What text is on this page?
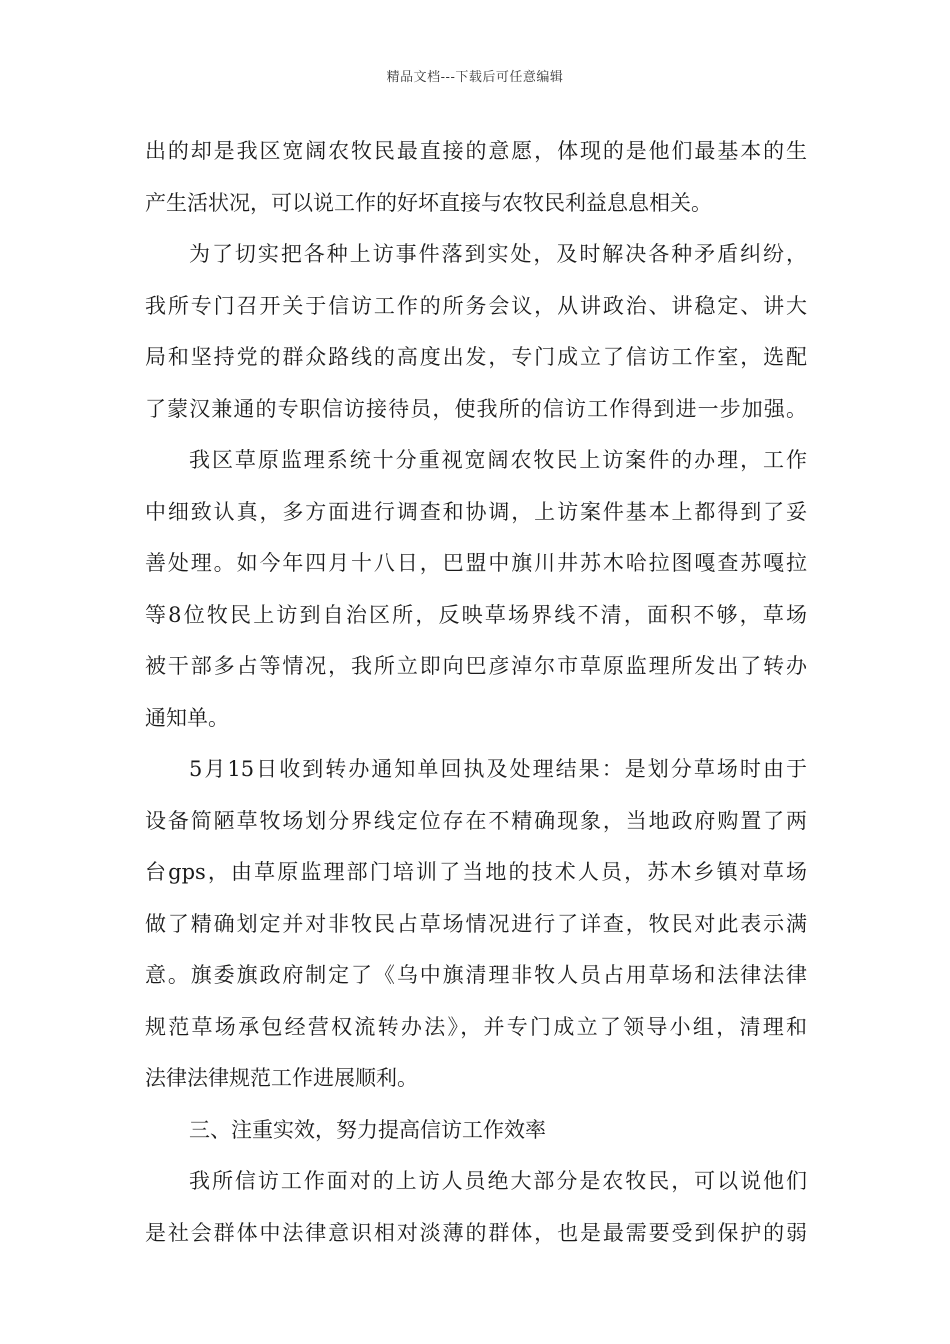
精品文档---下载后可任意编辑
出的却是我区宽阔农牧民最直接的意愿，体现的是他们最基本的生
产生活状况，可以说工作的好坏直接与农牧民利益息息相关。
为了切实把各种上访事件落到实处，及时解决各种矛盾纠纷，
我所专门召开关于信访工作的所务会议，从讲政治、讲稳定、讲大
局和坚持党的群众路线的高度出发，专门成立了信访工作室，选配
了蒙汉兼通的专职信访接待员，使我所的信访工作得到进一步加强。
我区草原监理系统十分重视宽阔农牧民上访案件的办理，工作
中细致认真，多方面进行调查和协调，上访案件基本上都得到了妥
善处理。如今年四月十八日，巴盟中旗川井苏木哈拉图嘎查苏嘎拉
等8位牧民上访到自治区所，反映草场界线不清，面积不够，草场
被干部多占等情况，我所立即向巴彦淖尔市草原监理所发出了转办
通知单。
5月15日收到转办通知单回执及处理结果：是划分草场时由于
设备简陋草牧场划分界线定位存在不精确现象，当地政府购置了两
台gps，由草原监理部门培训了当地的技术人员，苏木乡镇对草场
做了精确划定并对非牧民占草场情况进行了详查，牧民对此表示满
意。旗委旗政府制定了《乌中旗清理非牧人员占用草场和法律法律
规范草场承包经营权流转办法》，并专门成立了领导小组，清理和
法律法律规范工作进展顺利。
三、注重实效，努力提高信访工作效率
我所信访工作面对的上访人员绝大部分是农牧民，可以说他们
是社会群体中法律意识相对淡薄的群体，也是最需要受到保护的弱
